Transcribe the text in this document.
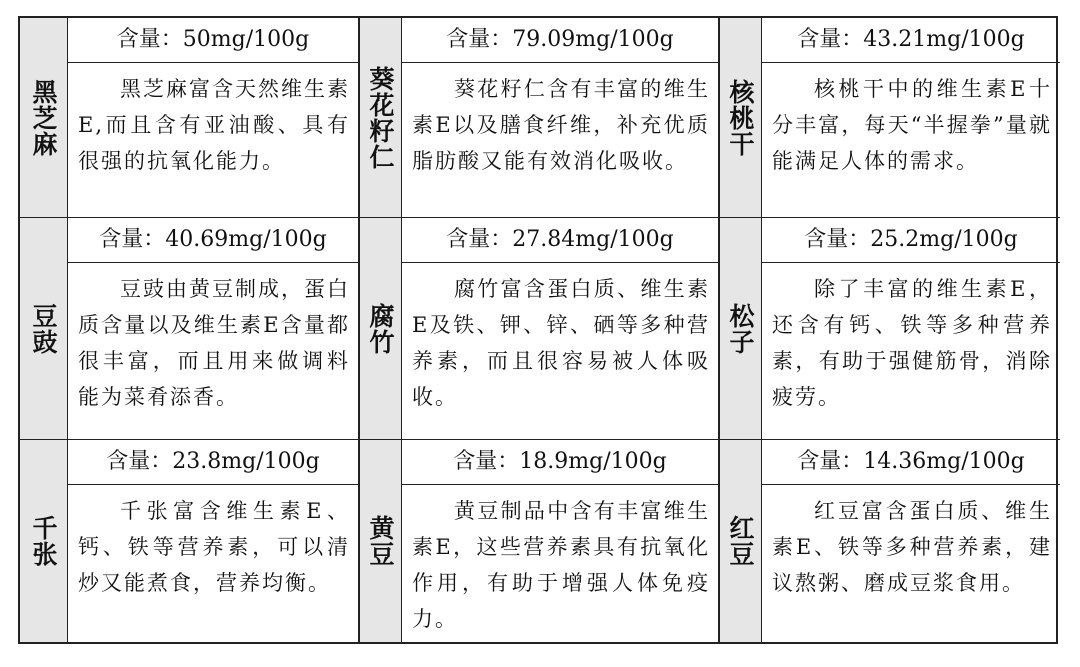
黑芝麻
含量：50mg/100g
黑芝麻富含天然维生素E,而且含有亚油酸、具有很强的抗氧化能力。	葵花籽仁
含量：79.09mg/100g
葵花籽仁含有丰富的维生素E以及膳食纤维，补充优质脂肪酸又能有效消化吸收。
核桃干
含量：43.21mg/100g
核桃干中的维生素E十分丰富，每天“半握拳”量就能满足人体的需求。
豆豉
含量：40.69mg/100g
豆豉由黄豆制成，蛋白质含量以及维生素E含量都很丰富，而且用来做调料能为菜肴添香。
腐竹
含量：27.84mg/100g
腐竹富含蛋白质、维生素E及铁、钾、锌、硒等多种营养素，而且很容易被人体吸收。
松子
含量：25.2mg/100g
除了丰富的维生素E，还含有钙、铁等多种营养素，有助于强健筋骨，消除疲劳。
千张
含量：23.8mg/100g
千张富含维生素E、钙、铁等营养素，可以清炒又能煮食，营养均衡。
黄豆
含量：18.9mg/100g
黄豆制品中含有丰富维生素E，这些营养素具有抗氧化作用，有助于增强人体免疫力。
红豆
含量：14.36mg/100g
红豆富含蛋白质、维生素E、铁等多种营养素，建议熬粥、磨成豆浆食用。
